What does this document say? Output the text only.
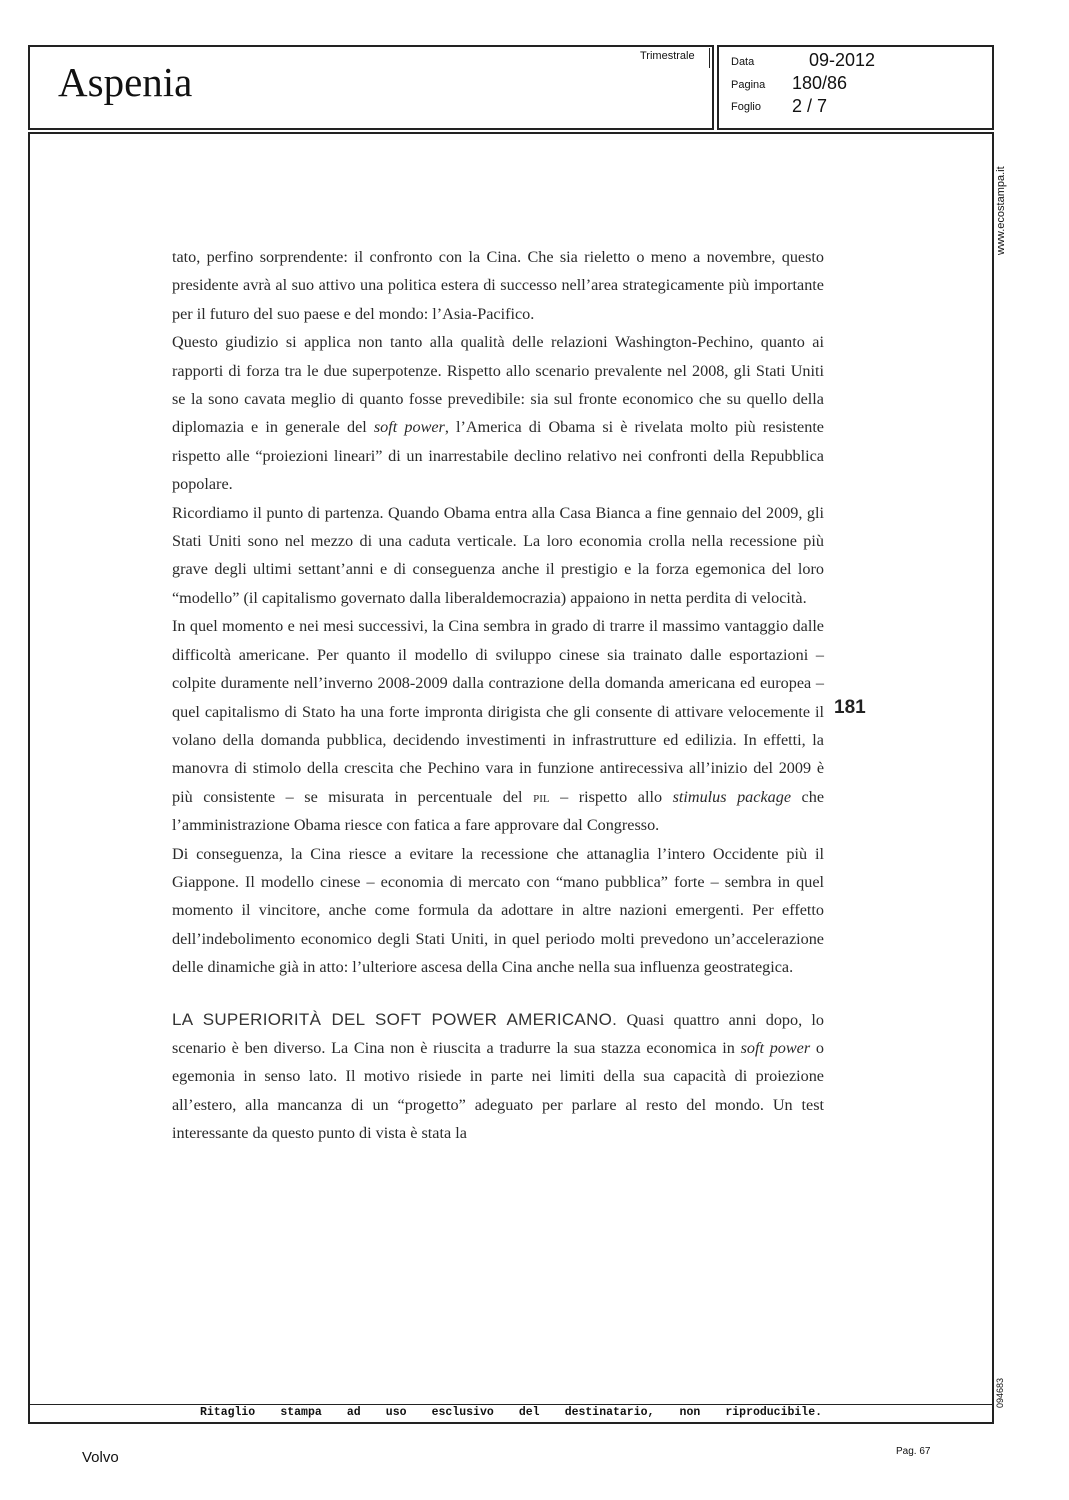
Aspenia
Trimestrale	Data	09-2012
Pagina 180/86
Foglio 2 / 7
www.ecostampa.it
094683

tato, perfino sorprendente: il confronto con la Cina. Che sia rieletto o meno a novembre, questo presidente avrà al suo attivo una politica estera di successo nell’area strategicamente più importante per il futuro del suo paese e del mondo: l’Asia-Pacifico.

Questo giudizio si applica non tanto alla qualità delle relazioni Washington-Pechino, quanto ai rapporti di forza tra le due superpotenze. Rispetto allo scenario prevalente nel 2008, gli Stati Uniti se la sono cavata meglio di quanto fosse prevedibile: sia sul fronte economico che su quello della diplomazia e in generale del soft power, l’America di Obama si è rivelata molto più resistente rispetto alle “proiezioni lineari” di un inarrestabile declino relativo nei confronti della Repubblica popolare.

Ricordiamo il punto di partenza. Quando Obama entra alla Casa Bianca a fine gennaio del 2009, gli Stati Uniti sono nel mezzo di una caduta verticale. La loro economia crolla nella recessione più grave degli ultimi settant’anni e di conseguenza anche il prestigio e la forza egemonica del loro “modello” (il capitalismo governato dalla liberaldemocrazia) appaiono in netta perdita di velocità.

In quel momento e nei mesi successivi, la Cina sembra in grado di trarre il massimo vantaggio dalle difficoltà americane. Per quanto il modello di sviluppo cinese sia trainato dalle esportazioni – colpite duramente nell’inverno 2008-2009 dalla contrazione della domanda americana ed europea – quel capitalismo di Stato ha una forte impronta dirigista che gli consente di attivare velocemente il volano della domanda pubblica, decidendo investimenti in infrastrutture ed edilizia. In effetti, la manovra di stimolo della crescita che Pechino vara in funzione antirecessiva all’inizio del 2009 è più consistente – se misurata in percentuale del pil – rispetto allo stimulus package che l’amministrazione Obama riesce con fatica a fare approvare dal Congresso.

Di conseguenza, la Cina riesce a evitare la recessione che attanaglia l’intero Occidente più il Giappone. Il modello cinese – economia di mercato con “mano pubblica” forte – sembra in quel momento il vincitore, anche come formula da adottare in altre nazioni emergenti. Per effetto dell’indebolimento economico degli Stati Uniti, in quel periodo molti prevedono un’accelerazione delle dinamiche già in atto: l’ulteriore ascesa della Cina anche nella sua influenza geostrategica.

LA SUPERIORITÀ DEL SOFT POWER AMERICANO. Quasi quattro anni dopo, lo scenario è ben diverso. La Cina non è riuscita a tradurre la sua stazza economica in soft power o egemonia in senso lato. Il motivo risiede in parte nei limiti della sua capacità di proiezione all’estero, alla mancanza di un “progetto” adeguato per parlare al resto del mondo. Un test interessante da questo punto di vista è stata la

181
Ritaglio stampa ad uso esclusivo del destinatario, non riproducibile.
Volvo	Pag. 67
